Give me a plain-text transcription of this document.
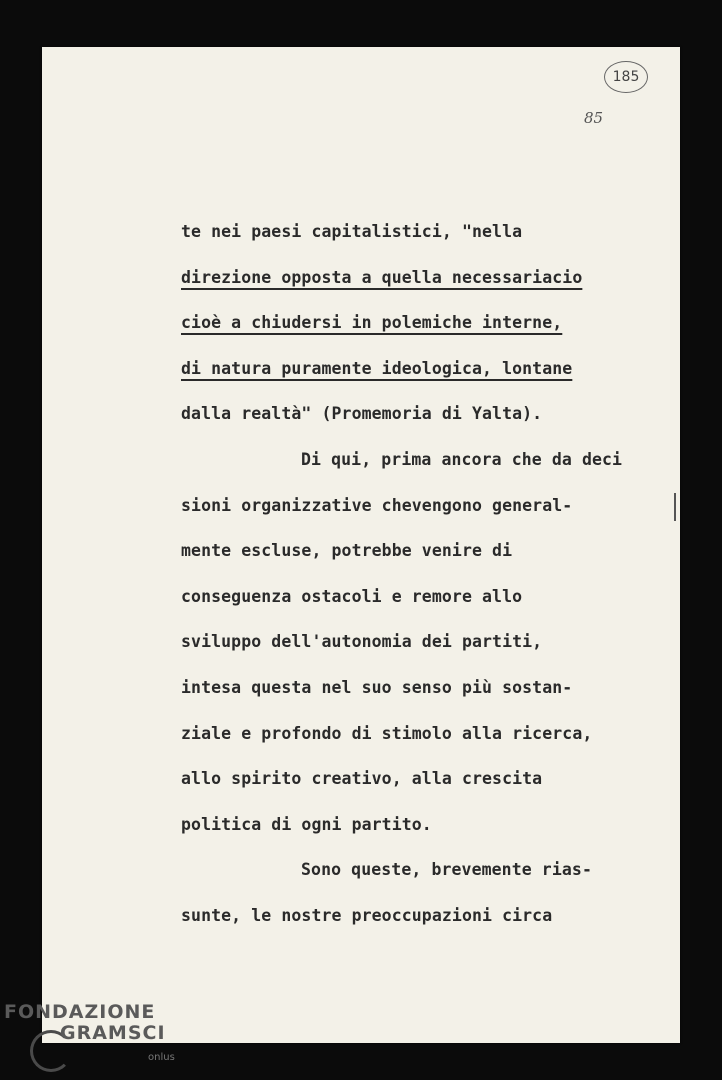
185
85
te nei paesi capitalistici, "nella
direzione opposta a quella necessariacio
cioè a chiudersi in polemiche interne,
di natura puramente ideologica, lontane
dalla realtà" (Promemoria di Yalta).
Di qui, prima ancora che da deci
sioni organizzative chevengono general-
mente escluse, potrebbe venire di
conseguenza ostacoli e remore allo
sviluppo dell'autonomia dei partiti,
intesa questa nel suo senso più sostan-
ziale e profondo di stimolo alla ricerca,
allo spirito creativo, alla crescita
politica di ogni partito.
Sono queste, brevemente rias-
sunte, le nostre preoccupazioni circa
FONDAZIONE
GRAMSCI
onlus
